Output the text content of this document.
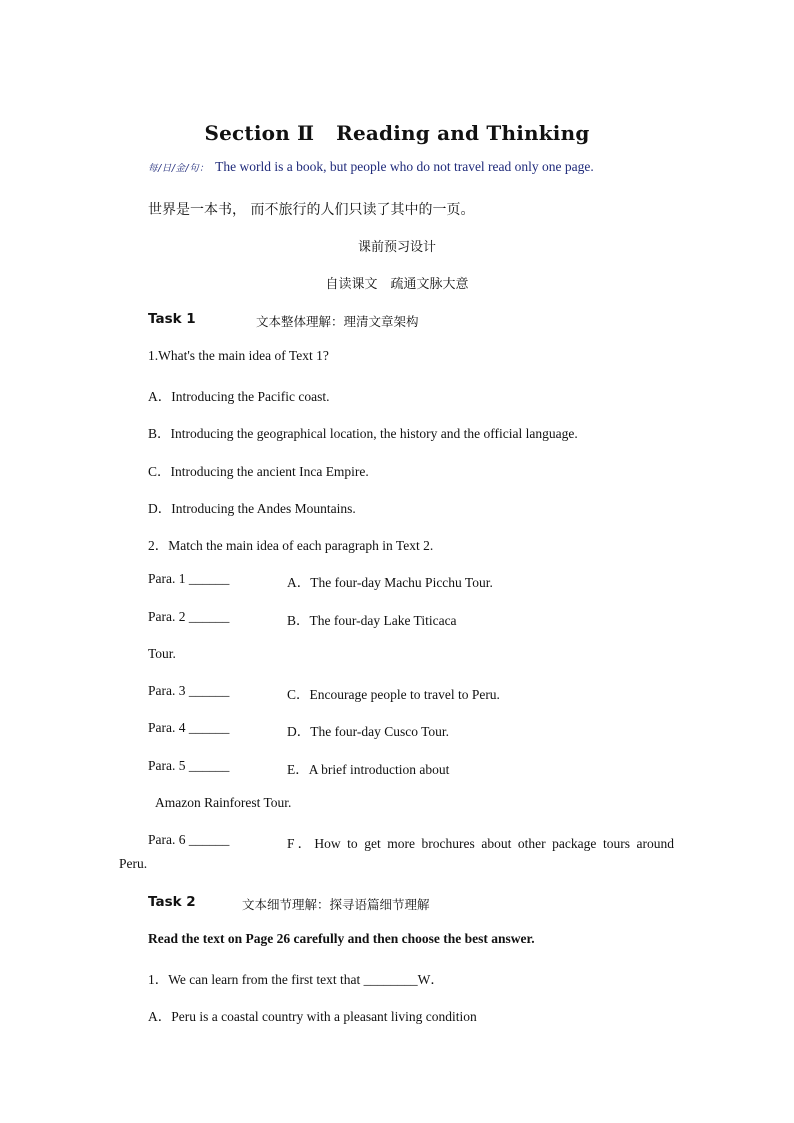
Section Ⅱ Reading and Thinking
每/日/金/句： The world is a book, but people who do not travel read only one page.
世界是一本书， 而不旅行的人们只读了其中的一页。
课前预习设计
自读课文　疏通文脉大意
Task 1	文本整体理解：理清文章架构
1.What's the main idea of Text 1?
A．Introducing the Pacific coast.
B．Introducing the geographical location, the history and the official language.
C．Introducing the ancient Inca Empire.
D．Introducing the Andes Mountains.
2．Match the main idea of each paragraph in Text 2.
Para. 1 ______	A．The four-day Machu Picchu Tour.
Para. 2 ______	B．The four-day Lake Titicaca
Tour.
Para. 3 ______	C．Encourage people to travel to Peru.
Para. 4 ______	D．The four-day Cusco Tour.
Para. 5 ______	E．A brief introduction about
Amazon Rainforest Tour.
Para. 6 ______	F．How to get more brochures about other package tours around
Peru.
Task 2	文本细节理解：探寻语篇细节理解
Read the text on Page 26 carefully and then choose the best answer.
1．We can learn from the first text that ________W．
A．Peru is a coastal country with a pleasant living condition
